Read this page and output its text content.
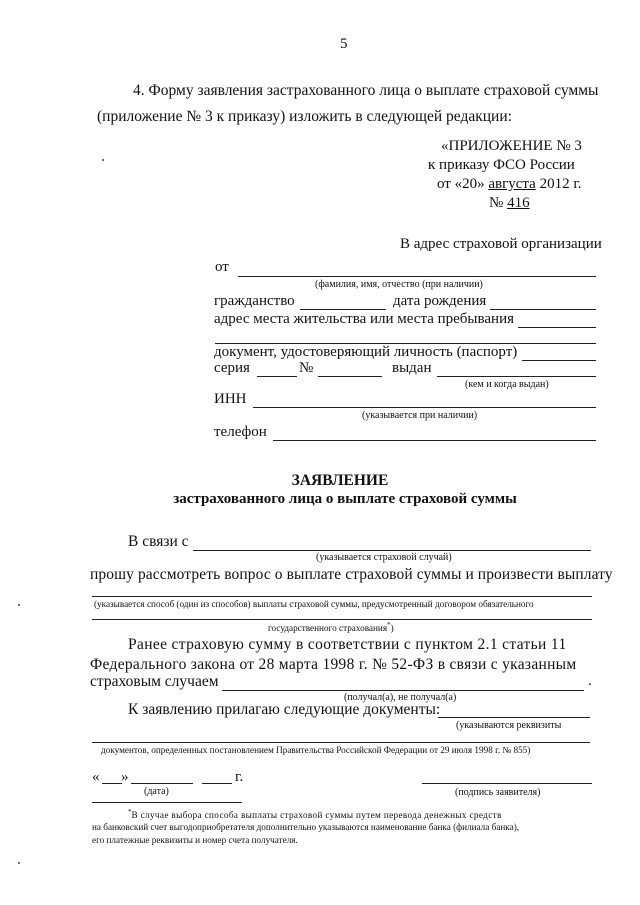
5
4. Форму заявления застрахованного лица о выплате страховой суммы
(приложение № 3 к приказу) изложить в следующей редакции:
«ПРИЛОЖЕНИЕ № 3
к приказу ФСО России
от «20» августа 2012 г.
№ 416
В адрес страховой организации
от
(фамилия, имя, отчество (при наличии)
гражданство	дата рождения
адрес места жительства или места пребывания
документ, удостоверяющий личность (паспорт)
серия	№	выдан
(кем и когда выдан)
ИНН
(указывается при наличии)
телефон
ЗАЯВЛЕНИЕ
застрахованного лица о выплате страховой суммы
В связи с
(указывается страховой случай)
прошу рассмотреть вопрос о выплате страховой суммы и произвести выплату
(указывается способ (один из способов) выплаты страховой суммы, предусмотренный договором обязательного
государственного страхования*)
Ранее страховую сумму в соответствии с пунктом 2.1 статьи 11
Федерального закона от 28 марта 1998 г. № 52-ФЗ в связи с указанным
страховым случаем	.
(получал(а), не получал(а)
К заявлению прилагаю следующие документы:
(указываются реквизиты
документов, определенных постановлением Правительства Российской Федерации от 29 июля 1998 г. № 855)
« »	г.
(дата)	(подпись заявителя)
*В случае выбора способа выплаты страховой суммы путем перевода денежных средств
на банковский счет выгодоприобретателя дополнительно указываются наименование банка (филиала банка),
его платежные реквизиты и номер счета получателя.
